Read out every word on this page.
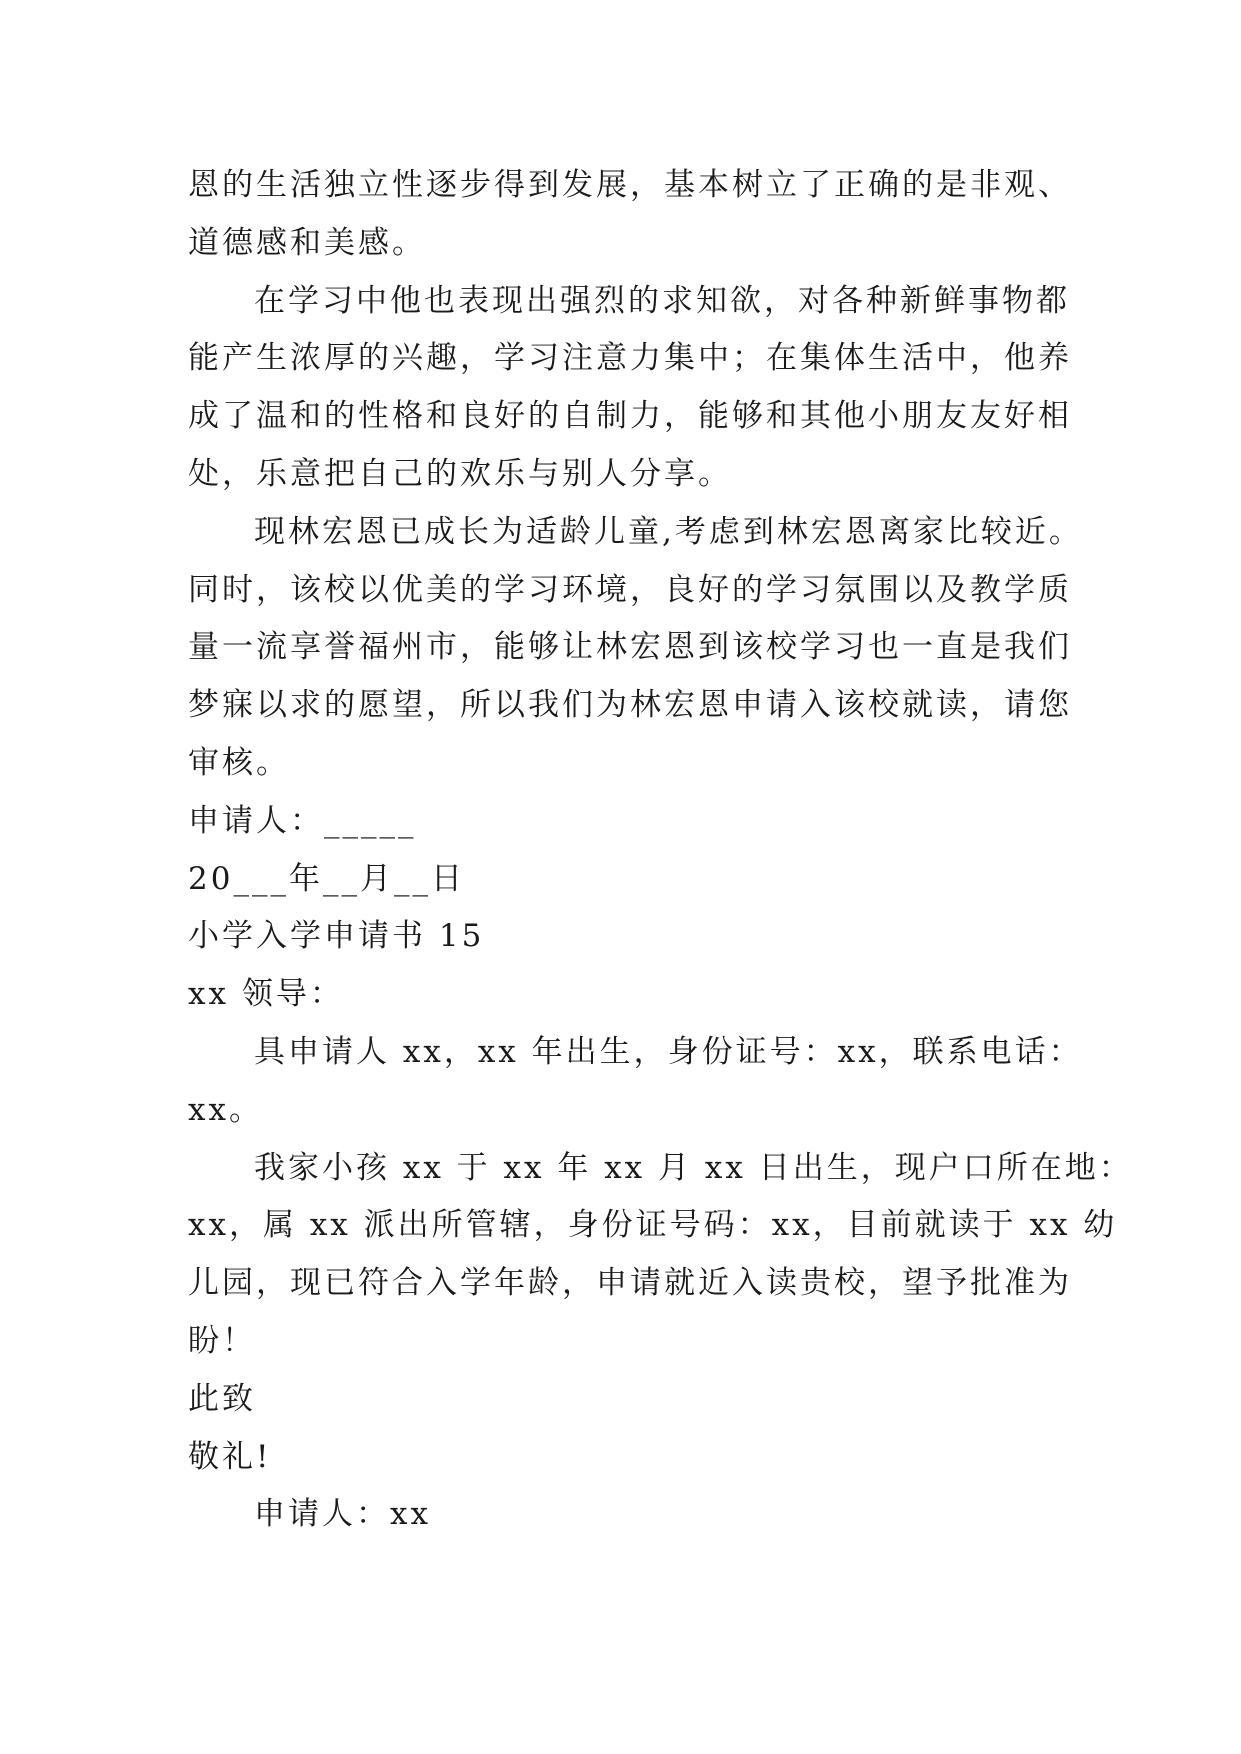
恩的生活独立性逐步得到发展，基本树立了正确的是非观、
道德感和美感。
在学习中他也表现出强烈的求知欲，对各种新鲜事物都
能产生浓厚的兴趣，学习注意力集中；在集体生活中，他养
成了温和的性格和良好的自制力，能够和其他小朋友友好相
处，乐意把自己的欢乐与别人分享。
现林宏恩已成长为适龄儿童,考虑到林宏恩离家比较近。
同时，该校以优美的学习环境，良好的学习氛围以及教学质
量一流享誉福州市，能够让林宏恩到该校学习也一直是我们
梦寐以求的愿望，所以我们为林宏恩申请入该校就读，请您
审核。
申请人：_____
20___年__月__日
小学入学申请书 15
xx 领导：
具申请人 xx，xx 年出生，身份证号：xx，联系电话：
xx。
我家小孩 xx 于 xx 年 xx 月 xx 日出生，现户口所在地：
xx，属 xx 派出所管辖，身份证号码：xx，目前就读于 xx 幼
儿园，现已符合入学年龄，申请就近入读贵校，望予批准为
盼！
此致
敬礼!
申请人：xx
